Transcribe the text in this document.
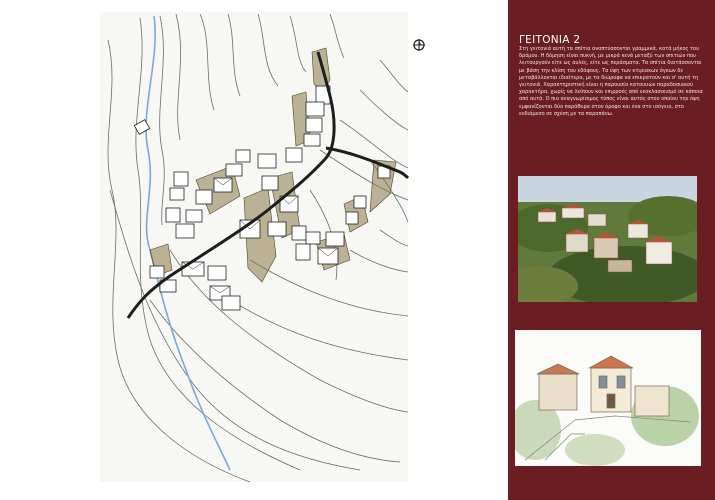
ΓΕΙΤΟΝΙΑ 2
Στη γειτονιά αυτή τα σπίτια αναπτύσσονται γραμμικά, κατά μήκος του δρόμου. Η δόμηση είναι πυκνή, με μικρά κενά μεταξύ των σπιτιών που λειτουργούν είτε ως αυλές, είτε ως περάσματα. Τα σπίτια διατάσσονται με βάση την κλίση του εδάφους. Τα ύψη των κτιριακών όγκων δε μεταβάλλονται ιδιαίτερα, με τα διώροφα να επικρατούν και σ' αυτή τη γειτονιά. Χαρακτηριστική είναι η παρουσία κατοικιών παραδοσιακού χαρακτήρα, χωρίς να λείπουν και επιρροές από νεοκλασικισμό σε κάποια από αυτά. Ο πιο αναγνωρίσιμος τύπος είναι αυτός στου οποίου την όψη εμφανίζονται δύο παράθυρα στον όροφο και ένα στο ισόγειο, στο ενδιάμεσο σε σχέση με τα παραπάνω.
